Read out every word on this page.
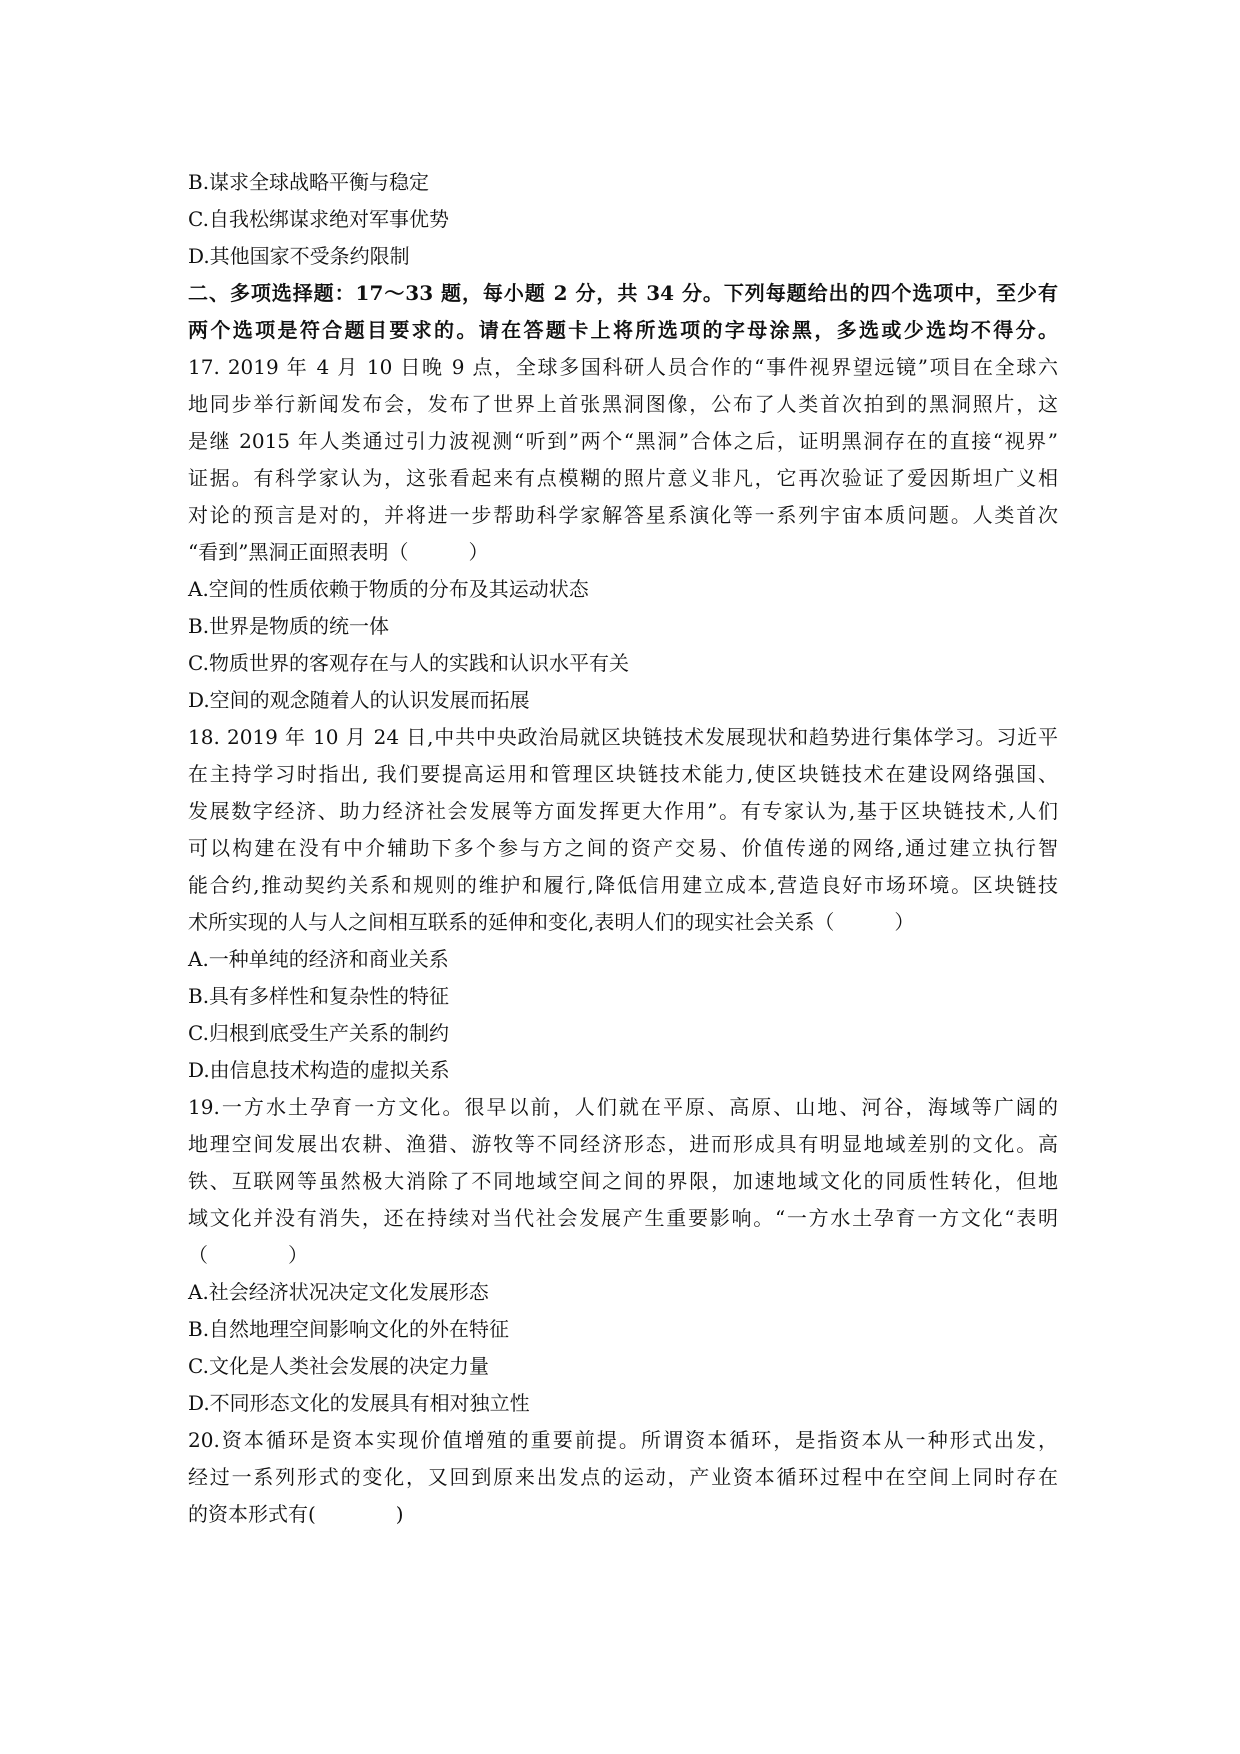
B.谋求全球战略平衡与稳定
C.自我松绑谋求绝对军事优势
D.其他国家不受条约限制
二、多项选择题：17～33 题，每小题 2 分，共 34 分。下列每题给出的四个选项中，至少有
两个选项是符合题目要求的。请在答题卡上将所选项的字母涂黑，多选或少选均不得分。
17. 2019 年 4 月 10 日晚 9 点，全球多国科研人员合作的“事件视界望远镜”项目在全球六
地同步举行新闻发布会，发布了世界上首张黑洞图像，公布了人类首次拍到的黑洞照片，这
是继 2015 年人类通过引力波视测“听到”两个“黑洞”合体之后，证明黑洞存在的直接“视界”
证据。有科学家认为，这张看起来有点模糊的照片意义非凡，它再次验证了爱因斯坦广义相
对论的预言是对的，并将进一步帮助科学家解答星系演化等一系列宇宙本质问题。人类首次
“看到”黑洞正面照表明（　　　）
A.空间的性质依赖于物质的分布及其运动状态
B.世界是物质的统一体
C.物质世界的客观存在与人的实践和认识水平有关
D.空间的观念随着人的认识发展而拓展
18. 2019 年 10 月 24 日,中共中央政治局就区块链技术发展现状和趋势进行集体学习。习近平
在主持学习时指出, 我们要提高运用和管理区块链技术能力,使区块链技术在建设网络强国、
发展数字经济、助力经济社会发展等方面发挥更大作用”。有专家认为,基于区块链技术,人们
可以构建在没有中介辅助下多个参与方之间的资产交易、价值传递的网络,通过建立执行智
能合约,推动契约关系和规则的维护和履行,降低信用建立成本,营造良好市场环境。区块链技
术所实现的人与人之间相互联系的延伸和变化,表明人们的现实社会关系（　　　）
A.一种单纯的经济和商业关系
B.具有多样性和复杂性的特征
C.归根到底受生产关系的制约
D.由信息技术构造的虚拟关系
19.一方水土孕育一方文化。很早以前，人们就在平原、高原、山地、河谷，海域等广阔的
地理空间发展出农耕、渔猎、游牧等不同经济形态，进而形成具有明显地域差别的文化。高
铁、互联网等虽然极大消除了不同地域空间之间的界限，加速地域文化的同质性转化，但地
域文化并没有消失，还在持续对当代社会发展产生重要影响。“一方水土孕育一方文化“表明
（　　　　）
A.社会经济状况决定文化发展形态
B.自然地理空间影响文化的外在特征
C.文化是人类社会发展的决定力量
D.不同形态文化的发展具有相对独立性
20.资本循环是资本实现价值增殖的重要前提。所谓资本循环，是指资本从一种形式出发，
经过一系列形式的变化，又回到原来出发点的运动，产业资本循环过程中在空间上同时存在
的资本形式有(　　　　)
